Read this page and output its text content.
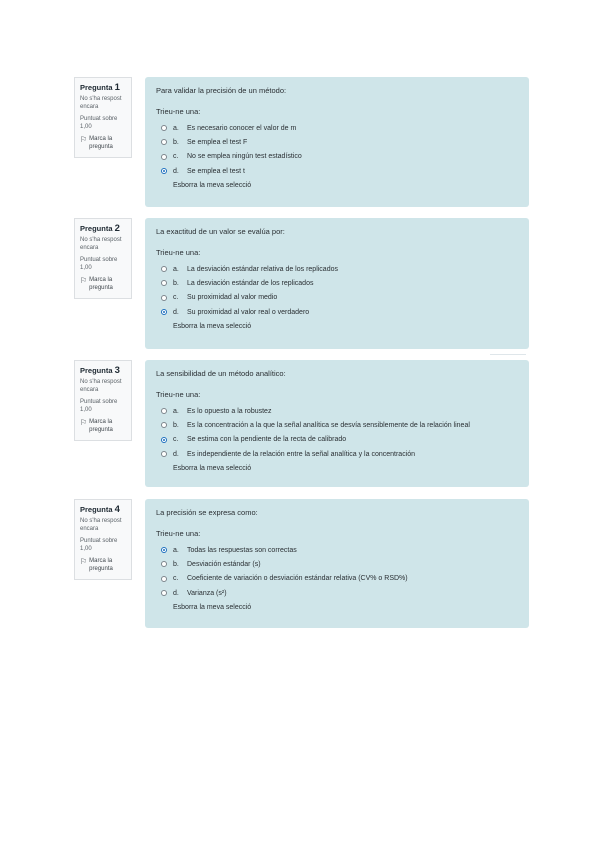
Pregunta 1
No s'ha respost encara
Puntuat sobre 1,00
⚐ Marca la pregunta
Para validar la precisión de un método:
Trieu-ne una:
a.	Es necesario conocer el valor de m
b.	Se emplea el test F
c.	No se emplea ningún test estadístico
d.	Se emplea el test t
Esborra la meva selecció
Pregunta 2
No s'ha respost encara
Puntuat sobre 1,00
⚐ Marca la pregunta
La exactitud de un valor se evalúa por:
Trieu-ne una:
a.	La desviación estándar relativa de los replicados
b.	La desviación estándar de los replicados
c.	Su proximidad al valor medio
d.	Su proximidad al valor real o verdadero
Esborra la meva selecció
Pregunta 3
No s'ha respost encara
Puntuat sobre 1,00
⚐ Marca la pregunta
La sensibilidad de un método analítico:
Trieu-ne una:
a.	Es lo opuesto a la robustez
b.	Es la concentración a la que la señal analítica se desvía sensiblemente de la relación lineal
c.	Se estima con la pendiente de la recta de calibrado
d.	Es independiente de la relación entre la señal analítica y la concentración
Esborra la meva selecció
Pregunta 4
No s'ha respost encara
Puntuat sobre 1,00
⚐ Marca la pregunta
La precisión se expresa como:
Trieu-ne una:
a.	Todas las respuestas son correctas
b.	Desviación estándar (s)
c.	Coeficiente de variación o desviación estándar relativa (CV% o RSD%)
d.	Varianza (s²)
Esborra la meva selecció
